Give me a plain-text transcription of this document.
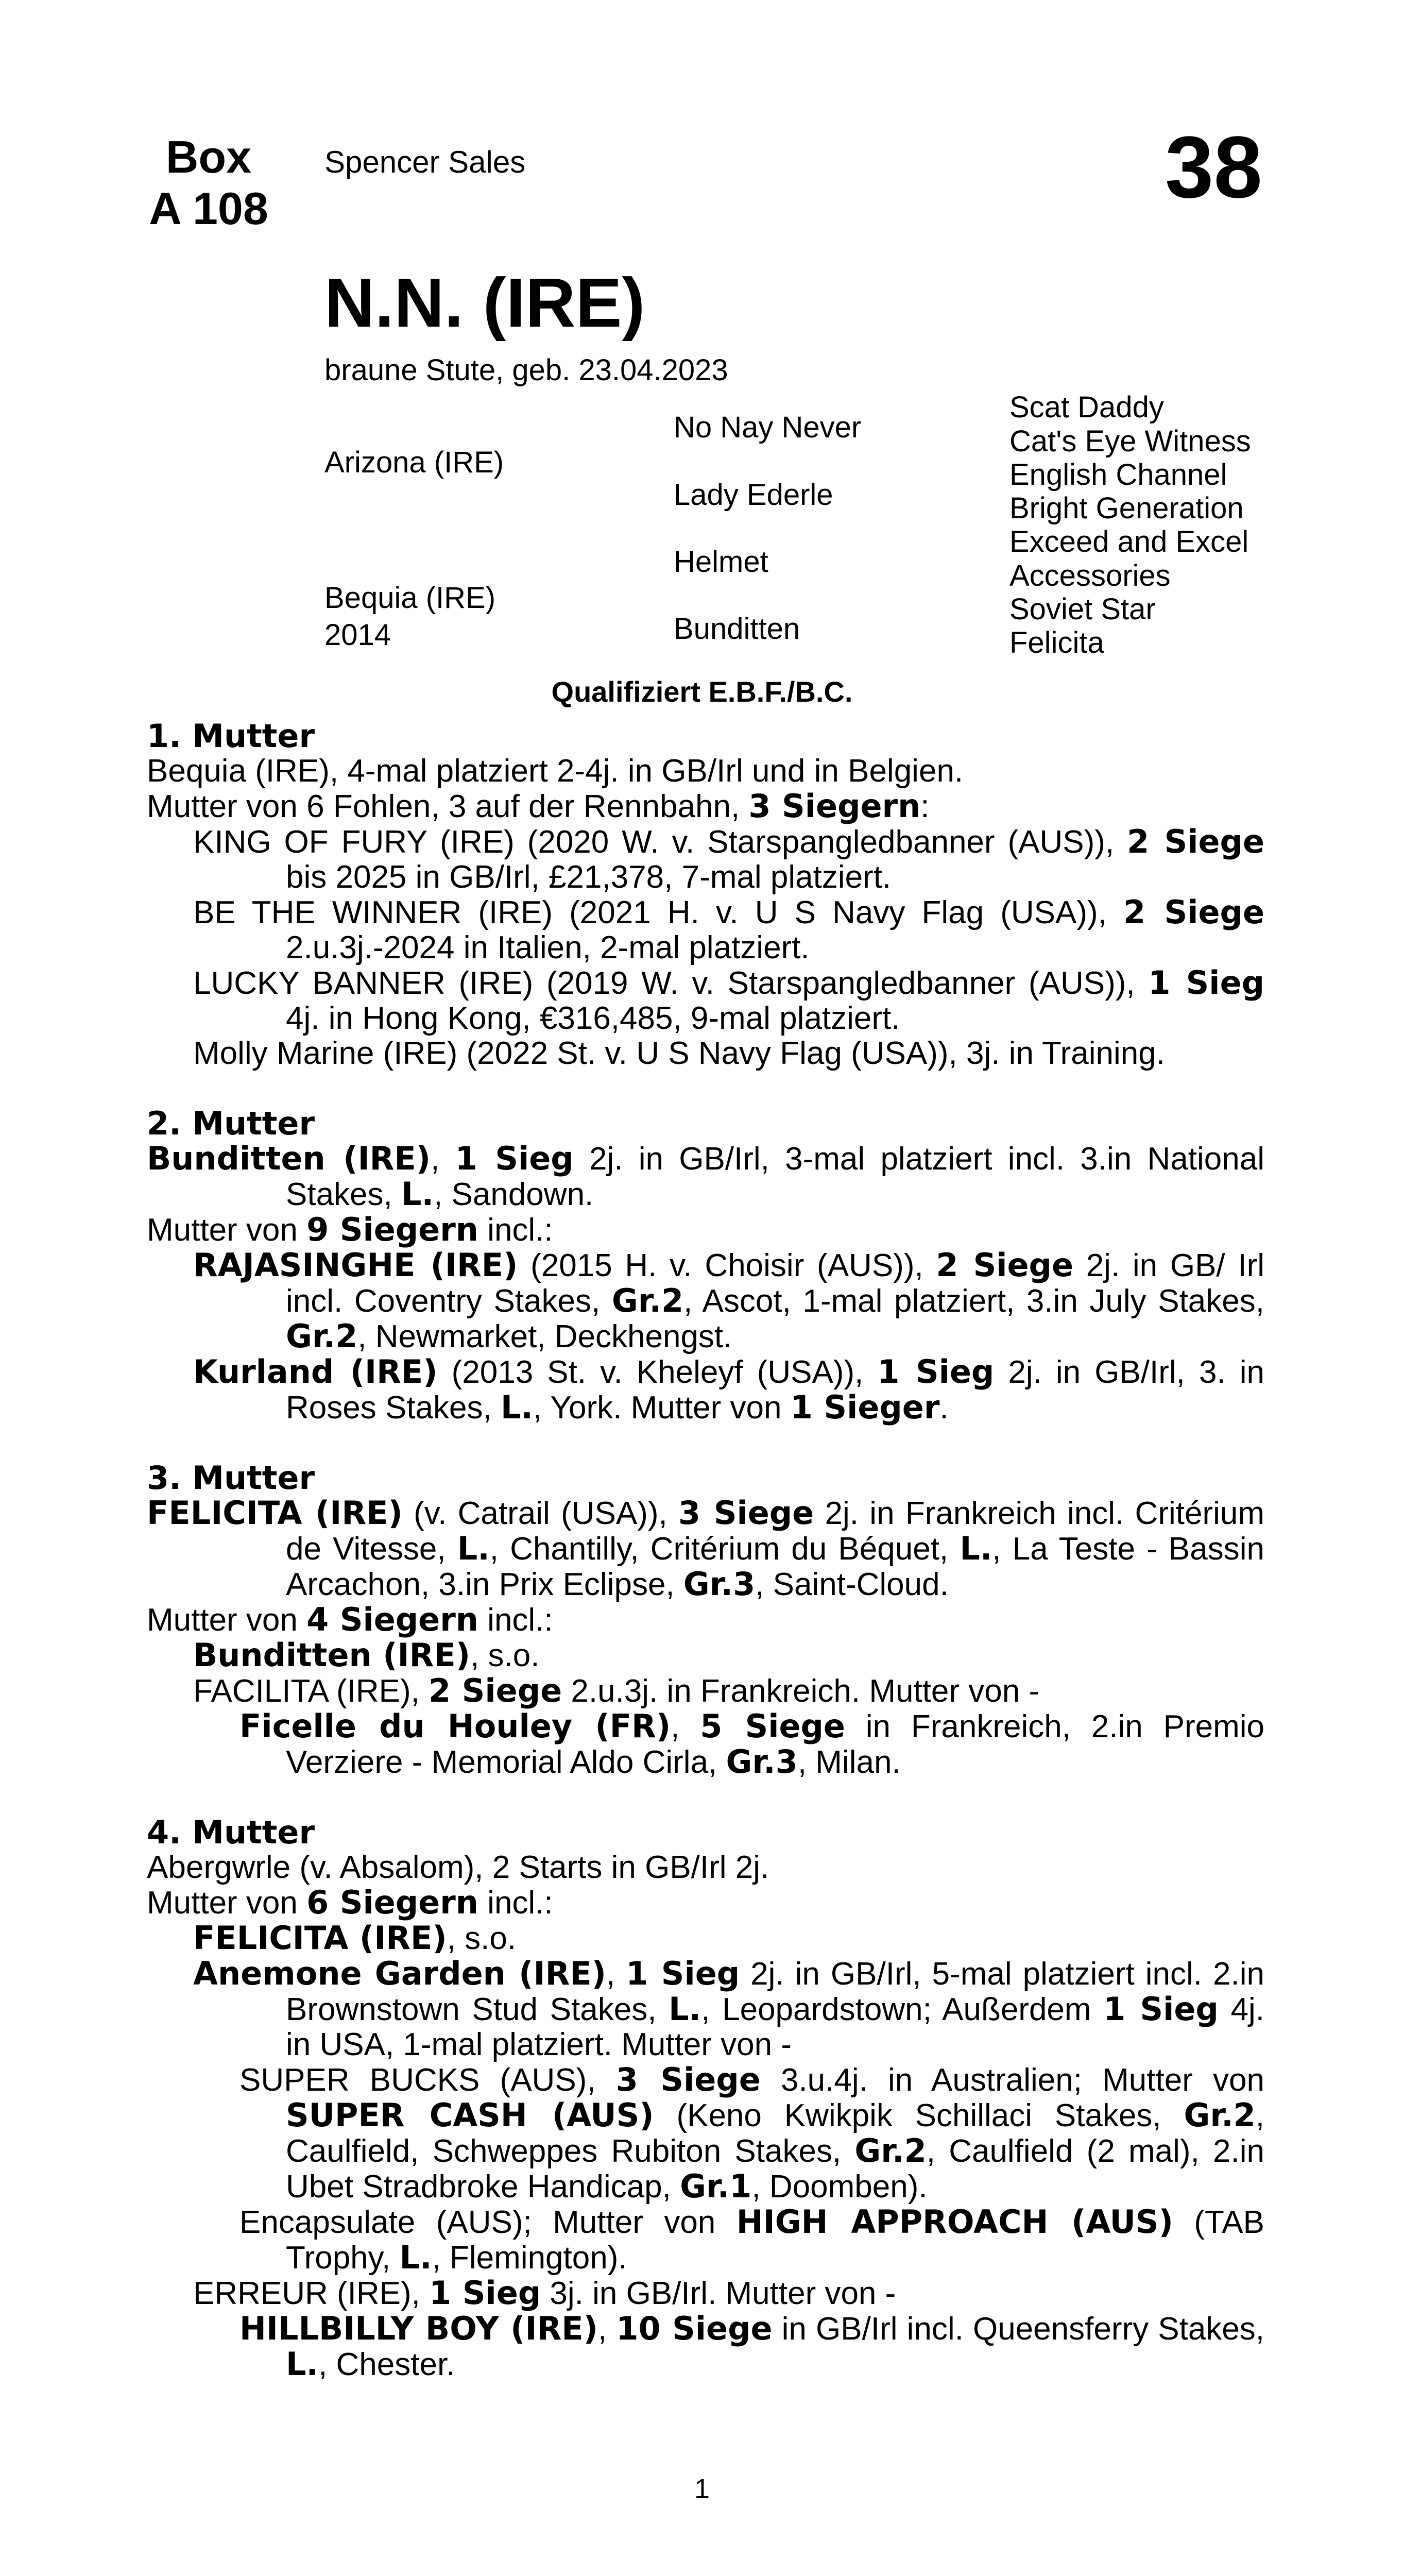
Box
A 108
Spencer Sales	38
N.N. (IRE)
braune Stute, geb. 23.04.2023
Arizona (IRE)
Bequia (IRE)
2014
No Nay Never
Lady Ederle
Helmet
Bunditten
Scat Daddy
Cat's Eye Witness
English Channel
Bright Generation
Exceed and Excel
Accessories
Soviet Star
Felicita
Qualifiziert E.B.F./B.C.
1. Mutter
Bequia (IRE), 4-mal platziert 2-4j. in GB/Irl und in Belgien.
Mutter von 6 Fohlen, 3 auf der Rennbahn, 3 Siegern:
KING OF FURY (IRE) (2020 W. v. Starspangledbanner (AUS)), 2 Siege bis 2025 in GB/Irl, £21,378, 7-mal platziert.
BE THE WINNER (IRE) (2021 H. v. U S Navy Flag (USA)), 2 Siege 2.u.3j.-2024 in Italien, 2-mal platziert.
LUCKY BANNER (IRE) (2019 W. v. Starspangledbanner (AUS)), 1 Sieg 4j. in Hong Kong, €316,485, 9-mal platziert.
Molly Marine (IRE) (2022 St. v. U S Navy Flag (USA)), 3j. in Training.
2. Mutter
Bunditten (IRE), 1 Sieg 2j. in GB/Irl, 3-mal platziert incl. 3.in National Stakes, L., Sandown.
Mutter von 9 Siegern incl.:
RAJASINGHE (IRE) (2015 H. v. Choisir (AUS)), 2 Siege 2j. in GB/ Irl incl. Coventry Stakes, Gr.2, Ascot, 1-mal platziert, 3.in July Stakes, Gr.2, Newmarket, Deckhengst.
Kurland (IRE) (2013 St. v. Kheleyf (USA)), 1 Sieg 2j. in GB/Irl, 3. in Roses Stakes, L., York. Mutter von 1 Sieger.
3. Mutter
FELICITA (IRE) (v. Catrail (USA)), 3 Siege 2j. in Frankreich incl. Critérium de Vitesse, L., Chantilly, Critérium du Béquet, L., La Teste - Bassin Arcachon, 3.in Prix Eclipse, Gr.3, Saint-Cloud.
Mutter von 4 Siegern incl.:
Bunditten (IRE), s.o.
FACILITA (IRE), 2 Siege 2.u.3j. in Frankreich. Mutter von -
Ficelle du Houley (FR), 5 Siege in Frankreich, 2.in Premio Verziere - Memorial Aldo Cirla, Gr.3, Milan.
4. Mutter
Abergwrle (v. Absalom), 2 Starts in GB/Irl 2j.
Mutter von 6 Siegern incl.:
FELICITA (IRE), s.o.
Anemone Garden (IRE), 1 Sieg 2j. in GB/Irl, 5-mal platziert incl. 2.in Brownstown Stud Stakes, L., Leopardstown; Außerdem 1 Sieg 4j. in USA, 1-mal platziert. Mutter von -
SUPER BUCKS (AUS), 3 Siege 3.u.4j. in Australien; Mutter von SUPER CASH (AUS) (Keno Kwikpik Schillaci Stakes, Gr.2, Caulfield, Schweppes Rubiton Stakes, Gr.2, Caulfield (2 mal), 2.in Ubet Stradbroke Handicap, Gr.1, Doomben).
Encapsulate (AUS); Mutter von HIGH APPROACH (AUS) (TAB Trophy, L., Flemington).
ERREUR (IRE), 1 Sieg 3j. in GB/Irl. Mutter von -
HILLBILLY BOY (IRE), 10 Siege in GB/Irl incl. Queensferry Stakes, L., Chester.
1
